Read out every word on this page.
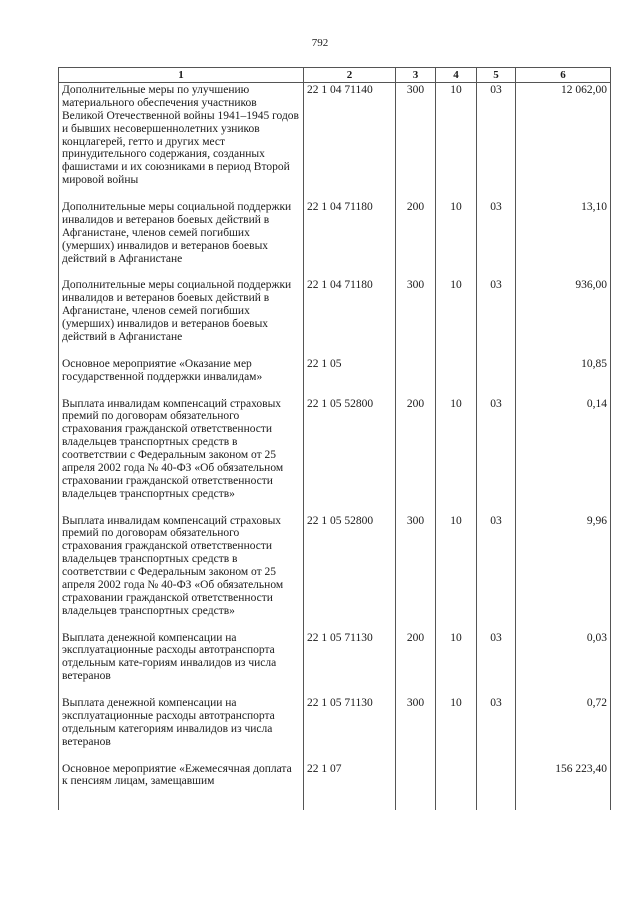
792
1	2	3	4	5	6
Дополнительные меры по улучшению материального обеспечения участников Великой Отечественной войны 1941–1945 годов и бывших несовершеннолетних узников концлагерей, гетто и других мест принудительного содержания, созданных фашистами и их союзниками в период Второй мировой войны	22 1 04 71140	300	10	03	12 062,00

Дополнительные меры социальной поддержки инвалидов и ветеранов боевых действий в Афганистане, членов семей погибших (умерших) инвалидов и ветеранов боевых действий в Афганистане	22 1 04 71180	200	10	03	13,10

Дополнительные меры социальной поддержки инвалидов и ветеранов боевых действий в Афганистане, членов семей погибших (умерших) инвалидов и ветеранов боевых действий в Афганистане	22 1 04 71180	300	10	03	936,00

Основное мероприятие «Оказание мер государственной поддержки инвалидам»	22 1 05				10,85

Выплата инвалидам компенсаций страховых премий по договорам обязательного страхования гражданской ответственности владельцев транспортных средств в соответствии с Федеральным законом от 25 апреля 2002 года № 40-ФЗ «Об обязательном страховании гражданской ответственности владельцев транспортных средств»	22 1 05 52800	200	10	03	0,14

Выплата инвалидам компенсаций страховых премий по договорам обязательного страхования гражданской ответственности владельцев транспортных средств в соответствии с Федеральным законом от 25 апреля 2002 года № 40-ФЗ «Об обязательном страховании гражданской ответственности владельцев транспортных средств»	22 1 05 52800	300	10	03	9,96

Выплата денежной компенсации на эксплуатационные расходы автотранспорта отдельным кате-гориям инвалидов из числа ветеранов	22 1 05 71130	200	10	03	0,03

Выплата денежной компенсации на эксплуатационные расходы автотранспорта отдельным категориям инвалидов из числа ветеранов	22 1 05 71130	300	10	03	0,72

Основное мероприятие «Ежемесячная доплата к пенсиям лицам, замещавшим	22 1 07				156 223,40
